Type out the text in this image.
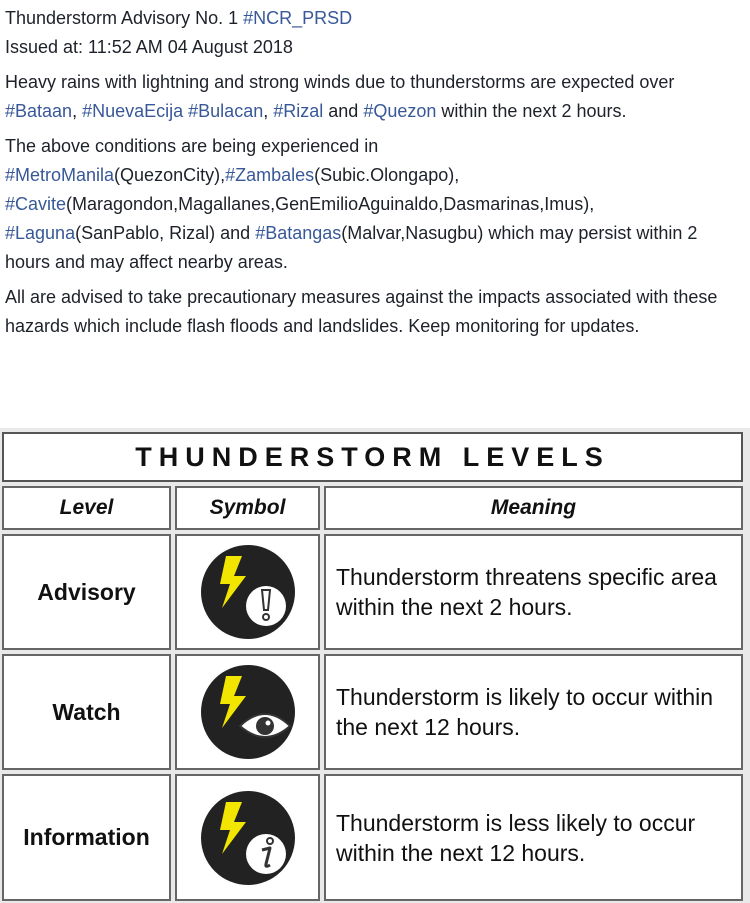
Thunderstorm Advisory No. 1 #NCR_PRSD
Issued at: 11:52 AM 04 August 2018

Heavy rains with lightning and strong winds due to thunderstorms are expected over #Bataan, #NuevaEcija #Bulacan, #Rizal and #Quezon within the next 2 hours.

The above conditions are being experienced in #MetroManila(QuezonCity),#Zambales(Subic.Olongapo), #Cavite(Maragondon,Magallanes,GenEmilioAguinaldo,Dasmarinas,Imus), #Laguna(SanPablo, Rizal) and #Batangas(Malvar,Nasugbu) which may persist within 2 hours and may affect nearby areas.

All are advised to take precautionary measures against the impacts associated with these hazards which include flash floods and landslides. Keep monitoring for updates.

THUNDERSTORM LEVELS
Level	Symbol	Meaning
Advisory
Thunderstorm threatens specific area within the next 2 hours.
Watch
Thunderstorm is likely to occur within the next 12 hours.
Information
Thunderstorm is less likely to occur within the next 12 hours.
